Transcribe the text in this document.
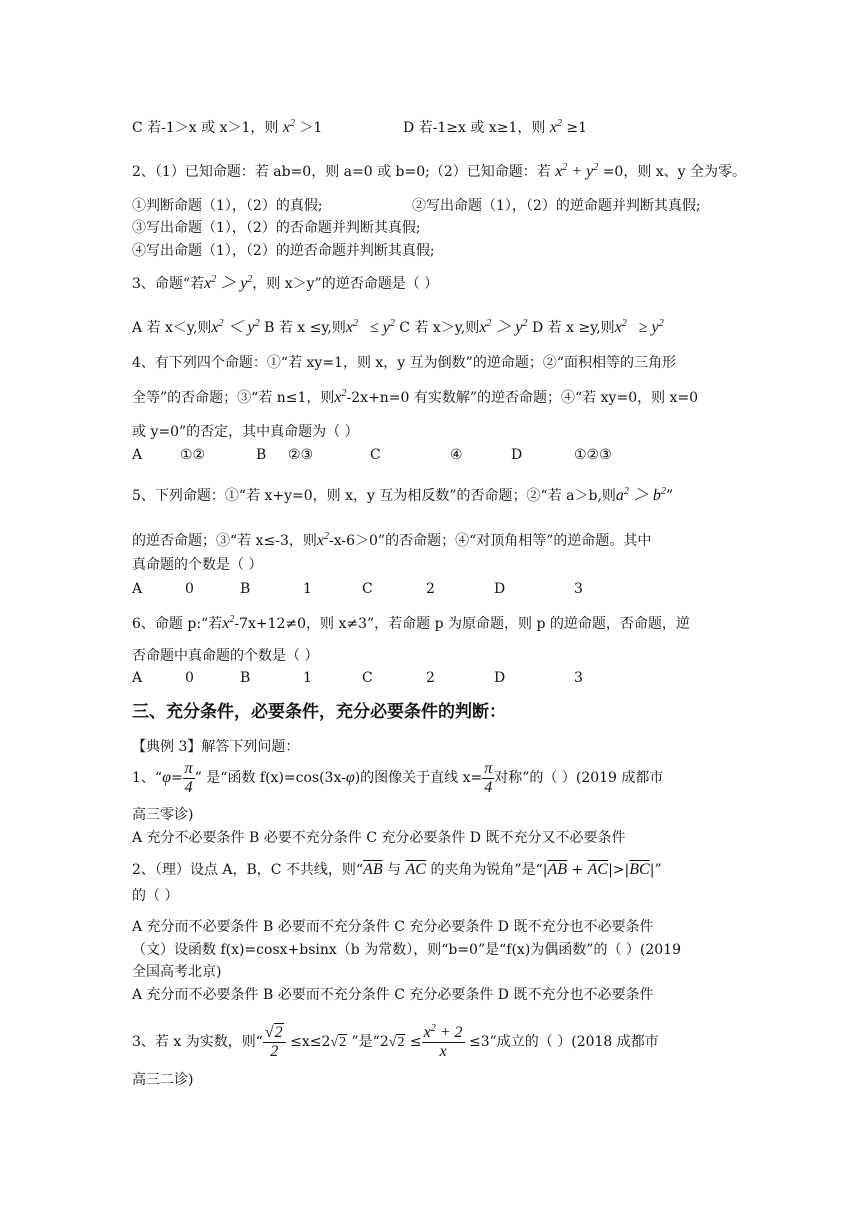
C 若-1＞x 或 x＞1，则 $x^2 >1$	D 若-1≥x 或 x≥1，则 $x^2 \ge 1$
2、（1）已知命题：若 ab=0，则 a=0 或 b=0;（2）已知命题：若 $x^2 + y^2 =0$，则 x、y 全为零。
①判断命题（1），（2）的真假;	②写出命题（1），（2）的逆命题并判断其真假;
③写出命题（1），（2）的否命题并判断其真假;
④写出命题（1），（2）的逆否命题并判断其真假;
3、命题“若$x^2 > y^2$，则 x＞y”的逆否命题是（ ）
A 若 x＜y,则$x^2 < y^2$ B 若 x ≤y,则$x^2 \le y^2$ C 若 x＞y,则$x^2 > y^2$ D 若 x ≥y,则$x^2 \ge y^2$
4、有下列四个命题：①“若 xy=1，则 x，y 互为倒数”的逆命题；②“面积相等的三角形
全等”的否命题；③“若 n≤1，则$x^2-2x+n=0$ 有实数解”的逆否命题；④“若 xy=0，则 x=0
或 y=0”的否定，其中真命题为（ ）
A	①②	B ②③	C	④	D	①②③
5、下列命题：①“若 x+y=0，则 x，y 互为相反数”的否命题；②“若 a＞b,则$a^2 > b^2$”
的逆否命题；③“若 x≤-3，则$x^2-x-6>0$”的否命题；④“对顶角相等”的逆命题。其中
真命题的个数是（ ）
A	0	B	1	C	2	D	3
6、命题 p:“若$x^2-7x+12\ne 0$，则 x≠3”，若命题 p 为原命题，则 p 的逆命题，否命题，逆
否命题中真命题的个数是（ ）
A	0	B	1	C	2	D	3
三、充分条件，必要条件，充分必要条件的判断：
【典例 3】解答下列问题：
1、“$\varphi= \frac{\pi}{4}$ ” 是“函数 f(x)=cos(3x-φ)的图像关于直线 $x= \frac{\pi}{4}$ 对称”的（ ）(2019 成都市
高三零诊)
A 充分不必要条件 B 必要不充分条件 C 充分必要条件 D 既不充分又不必要条件
2、（理）设点 A，B，C 不共线，则“$\overline{AB}$ 与 $\overline{AC}$ 的夹角为锐角”是“$|\overline{AB} + \overline{AC}|>|\overline{BC}|$”
的（ ）
A 充分而不必要条件 B 必要而不充分条件 C 充分必要条件 D 既不充分也不必要条件
（文）设函数 f(x)=cosx+bsinx（b 为常数），则“b=0”是“f(x)为偶函数”的（ ）(2019
全国高考北京)
A 充分而不必要条件 B 必要而不充分条件 C 充分必要条件 D 既不充分也不必要条件
3、若 x 为实数，则“ $\frac{√2}{2} \le x\le 2√2$ ”是“$2√2 \le \frac{x^2 + 2}{x} \le 3$”成立的（ ）(2018 成都市
高三二诊)
